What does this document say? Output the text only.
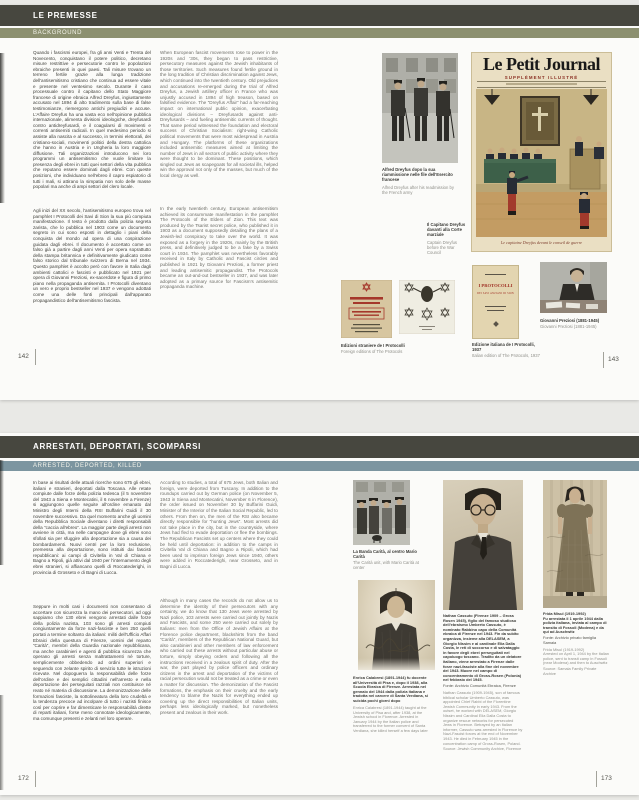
LE PREMESSE
BACKGROUND
Quando i fascismi europei, fra gli anni Venti e Trenta del Novecento, conquistano il potere politico, decretano misure restrittive e persecutorie contro le popolazioni ebraiche presenti in quei paesi. Tali misure trovano un terreno fertile grazie alla lunga tradizione dell'antisemitismo cristiano che continua ad essere vitale e presente nel ventesimo secolo. Durante il caso processuale contro il capitano dello Stato Maggiore francese di origine ebraica Alfred Dreyfus, ingiustamente accusato nel 1894 di alto tradimento sulla base di false testimonianze, riemergono antichi pregiudizi e accuse. L'Affaire Dreyfus ha una vasta eco nell'opinione pubblica internazionale, alimenta divisioni ideologiche, dreyfusardi contro antidreyfusardi, e il coagularsi di movimenti e correnti antisemiti radicali. In quel medesimo periodo si assiste alla nascita e al successo, in termini elettorali, dei cristiano-sociali, movimenti politici della destra cattolica che hanno in Austria e in Ungheria la loro maggiore diffusione. Tali organizzazioni introducono nei loro programmi un antisemitismo che vuole limitare la presenza degli ebrei in tutti quei settori della vita pubblica che reputano essere dominati dagli ebrei. Con queste posizioni, che individuano nell'ebreo il capro espiatorio di tutti i mali, si attirano la simpatia non solo delle masse popolari ma anche di ampi settori del clero locale.
Agli inizi del XX secolo, l'antisemitismo europeo trova nel pamphlet I Protocolli dei Savi di Sion la sua più compiuta manifestazione. Il testo è prodotto dalla polizia segreta zarista, che lo pubblica nel 1903 come un documento segreto in cui sono esposti in dettaglio i piani della conquista del mondo ad opera di una cospirazione guidata dagli ebrei. Il documento è accertato come un falso già a partire dagli anni Venti per opera soprattutto della stampa britannica e definitivamente giudicato come falso storico dal tribunale svizzero di Berna nel 1934. Questo pamphlet è accolto però con favore in Italia dagli ambienti cattolici e fascisti e pubblicato nel 1921 per opera di Giovanni Preziosi, ex-sacerdote e figura di primo piano nella propaganda antisemita. I Protocolli diventano un vero e proprio bestseller nel 1937 e vengono adottati come una delle fonti principali dall'apparato propagandistico dell'antisemitismo fascista.
When European fascist movements rose to power in the 1920s and '30s, they began to pass restrictive, persecutory measures against the Jewish inhabitants of those territories. Such measures found fertile ground in the long tradition of Christian discrimination against Jews, which continued into the twentieth century. Old prejudices and accusations re-emerged during the trial of Alfred Dreyfus, a Jewish artillery officer in France who was unjustly accused in 1894 of high treason, based on falsified evidence. The “Dreyfus Affair” had a far-reaching impact on international public opinion, exacerbating ideological divisions – Dreyfusards against anti-Dreyfusards – and fueling antisemitic currents of thought. That same period witnessed the foundation and electoral success of Christian Socialism: right-wing Catholic political movements that were most widespread in Austria and Hungary. The platforms of these organizations included antisemitic measures aimed at limiting the number of Jews in all sectors of public activity where they were thought to be dominant. These positions, which singled out Jews as scapegoats for all societal ills, helped win the approval not only of the masses, but much of the local clergy as well.
In the early twentieth century, European antisemitism achieved its consummate manifestation in the pamphlet The Protocols of the Elders of Zion. This text was produced by the Tsarist secret police, who published it in 1903 as a document supposedly detailing the plans of a Jewish-led conspiracy to take over the world. It was exposed as a forgery in the 1920s, mainly by the British press, and definitively judged to be a fake by a Swiss court in 1934. The pamphlet was nevertheless favorably received in Italy by Catholic and Fascist circles and published in 1921 by Giovanni Preziosi, a former priest and leading antisemitic propagandist. The Protocols became an out-and-out bestseller in 1937, and was later adopted as a primary source for Fascism's antisemitic propaganda machine.
Alfred Dreyfus dopo la sua riammissione nelle file dell'Esercito francese
Alfred Dreyfus after his readmission by the French army
Il Capitano Dreyfus davanti alla Corte marziale
Captain Dreyfus before the War Council
Le Petit Journal
SUPPLÉMENT ILLUSTRÉ
Le capitaine Dreyfus devant le conseil de guerre
Edizioni straniere de I Protocolli
Foreign editions of The Protocols
I PROTOCOLLI
DEI SAVI ANZIANI DI SION
Edizione italiana de I Protocolli, 1937
Italian edition of The Protocols, 1937
Giovanni Preziosi (1881-1945)
Giovanni Preziosi (1881-1945)
142	143
ARRESTATI, DEPORTATI, SCOMPARSI
ARRESTED, DEPORTED, KILLED
In base ai risultati delle attuali ricerche sono 675 gli ebrei, italiani e stranieri, deportati dalla Toscana. Alle retate compiute dalle forze della polizia tedesca (il 5 novembre del 1943 a Siena e Montecatini, il 6 novembre a Firenze) si aggiungono quelle seguite all'ordine emanato dal Ministro degli Interni della RSI Buffarini Guidi il 30 novembre successivo. Da quel momento anche gli uomini della Repubblica Sociale diventano i diretti responsabili della “caccia all'ebreo”. La maggior parte degli arresti non avviene in città, ma nelle campagne dove gli ebrei sono sfollati sia per sfuggire alla deportazione sia a causa dei bombardamenti. Nuovi centri per la loro reclusione, premessa alla deportazione, sono istituiti dai fascisti repubblicani: ai campi di Civitella in Val di Chiana e Bagno a Ripoli, già attivi dal 1940 per l'internamento degli ebrei stranieri, si affiancano quelli di Roccatederighi, in provincia di Grosseto e di Bagni di Lucca.
Seppure in molti casi i documenti non consentano di accertare con sicurezza la mano dei persecutori, ad oggi sappiamo che 130 ebrei vengono arrestati dalle forze della polizia nazista, 103 sono gli arresti compiuti congiuntamente da forze nazi-fasciste e ben 250 quelli portati a termine soltanto da italiani: militi dell'Ufficio Affari Ebraici della questura di Firenze, uomini del reparto “Carità”, membri della Guardia nazionale repubblicana, ma anche carabinieri e agenti di pubblica sicurezza che operano gli arresti senza maltrattamenti né torture, semplicemente obbedendo ad ordini superiori e seguendo con zelante spirito di servizio tutte le istruzioni ricevute. Nel dopoguerra la responsabilità delle forze dell'ordine e dei semplici cittadini nell'arresto e nella deportazione dei perseguitati razziali non costituisce né reato né materia di discussione. La demonizzazione delle formazioni fasciste, la sottolineatura della loro crudeltà e la tendenza precoce ad incolpare di tutto i nazisti finisce così per coprire e far dimenticare le responsabilità dirette di reparti italiani, forse meno connotate ideologicamente, ma comunque presenti e zelanti nel loro operare.
According to studies, a total of 675 Jews, both Italian and foreign, were deported from Tuscany. In addition to the roundups carried out by German police (on November 5, 1943 in Siena and Montecatini, November 6 in Florence), the order issued on November 30 by Buffarini Guidi, Minister of the Interior of the Italian Social Republic, led to others. From then on, the men of the RSI also became directly responsible for “hunting Jews”. Most arrests did not take place in the city, but in the countryside, where Jews had fled to evade deportation or flee the bombings. The Republican Fascists set up centers where they could be held until deportation: in addition to the camps in Civitella Val di Chiana and Bagno a Ripoli, which had been used to imprison foreign Jews since 1940, others were added in Roccatederighi, near Grosseto, and in Bagni di Lucca.
Although in many cases the records do not allow us to determine the identity of their persecutors with any certainty, we do know that 130 Jews were arrested by Nazi police, 103 arrests were carried out jointly by Nazis and Fascists, and some 250 were carried out solely by Italians: men from the Office of Jewish Affairs at the Florence police department, blackshirts from the band “Carità”, members of the Republican National Guard, but also carabinieri and other members of law enforcement who carried out these arrests without particular abuse or torture, simply obeying orders and following all the instructions received in a zealous spirit of duty. After the war, the part played by police officers and ordinary citizens in the arrest and deportation of the victims of racial persecution would not be treated as a crime or even a matter for discussion. The demonization of the Fascist formations, the emphasis on their cruelty and the early tendency to blame the Nazis for everything ended up covering up the direct responsibilities of Italian units, perhaps less ideologically marked, but nonetheless present and zealous in their work.
La Banda Carità, al centro Mario Carità
The Carità unit, with Mario Carità at center
Enrica Calabresi (1891-1944) fu docente all'Università di Pisa e, dopo il 1938, alla Scuola Ebraica di Firenze. Arrestata nel gennaio del 1944 dalla polizia italiana e tradotta nel carcere di Santa Verdiana, si suicida pochi giorni dopo
Enrica Calabresi (1891-1944) taught at the University of Pisa and, after 1938, at the Jewish school in Florence. Arrested in January 1944 by the Italian police and transferred to the former convent of Santa Verdiana, she killed herself a few days later
Nathan Cassuto (Firenze 1909 – Gross Rosen 1945), figlio del famoso studioso dell'ebraismo Umberto Cassuto, è nominato Rabbino capo della Comunità ebraica di Firenze nel 1943. Fin da subito organizza, insieme alla DELASEM, a Giorgio Nissim e al cardinale Elia Dalla Costa, le reti di soccorso e di salvataggio in favore degli ebrei perseguitati nel capoluogo toscano. Tradito da un delatore italiano, viene arrestato a Firenze dalle forze nazi-fasciste alla fine del novembre del 1943. Muore nel campo di concentramento di Gross-Rosen (Polonia) nel febbraio del 1945.
Fonte: Archivio Comunità Ebraica, Firenze
Nathan Cassuto (1909-1945), son of famous biblical scholar Umberto Cassuto, was appointed Chief Rabbi of the Florentine Jewish Community in early 1943. From the outset, he worked with DELASEM, Giorgio Nissim and Cardinal Elia Dalla Costa to organize rescue networks for persecuted Jews in Florence. Betrayed by an Italian informer, Cassuto was arrested in Florence by Nazi-Fascist forces at the end of November 1943. He died in February 1945 in the concentration camp of Gross-Rosen, Poland.
Source: Jewish Community Archive, Florence
Frida Misul (1919-1992)
Fu arrestata il 1 aprile 1944 dalla polizia italiana, inviata al campo di transito di Fossoli (Modena) e da qui ad Auschwitz
Fonte: Archivio privato famiglia Samaia
Frida Misul (1919-1992)
Arrested on April 1, 1944 by the Italian police, sent to transit camp in Fossoli (near Modena) and then to Auschwitz
Source: Samaia Family Private Archive
172	173
